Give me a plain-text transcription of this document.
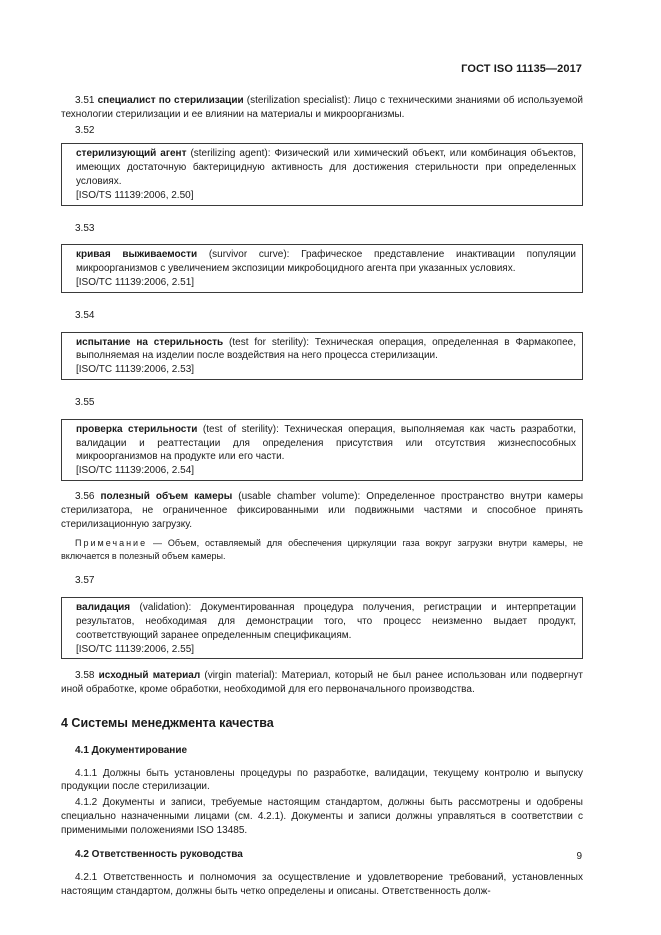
ГОСТ ISO 11135—2017

3.51 специалист по стерилизации (sterilization specialist): Лицо с техническими знаниями об используемой технологии стерилизации и ее влиянии на материалы и микроорганизмы.

3.52

стерилизующий агент (sterilizing agent): Физический или химический объект, или комбинация объектов, имеющих достаточную бактерицидную активность для достижения стерильности при определенных условиях.

[ISO/TS 11139:2006, 2.50]

3.53

кривая выживаемости (survivor curve): Графическое представление инактивации популяции микроорганизмов с увеличением экспозиции микробоцидного агента при указанных условиях.

[ISO/TC 11139:2006, 2.51]

3.54

испытание на стерильность (test for sterility): Техническая операция, определенная в Фармакопее, выполняемая на изделии после воздействия на него процесса стерилизации.

[ISO/TC 11139:2006, 2.53]

3.55

проверка стерильности (test of sterility): Техническая операция, выполняемая как часть разработки, валидации и реаттестации для определения присутствия или отсутствия жизнеспособных микроорганизмов на продукте или его части.

[ISO/TC 11139:2006, 2.54]

3.56 полезный объем камеры (usable chamber volume): Определенное пространство внутри камеры стерилизатора, не ограниченное фиксированными или подвижными частями и способное принять стерилизационную загрузку.

Примечание — Объем, оставляемый для обеспечения циркуляции газа вокруг загрузки внутри камеры, не включается в полезный объем камеры.

3.57

валидация (validation): Документированная процедура получения, регистрации и интерпретации результатов, необходимая для демонстрации того, что процесс неизменно выдает продукт, соответствующий заранее определенным спецификациям.

[ISO/TC 11139:2006, 2.55]

3.58 исходный материал (virgin material): Материал, который не был ранее использован или подвергнут иной обработке, кроме обработки, необходимой для его первоначального производства.

4 Системы менеджмента качества

4.1 Документирование

4.1.1 Должны быть установлены процедуры по разработке, валидации, текущему контролю и выпуску продукции после стерилизации.

4.1.2 Документы и записи, требуемые настоящим стандартом, должны быть рассмотрены и одобрены специально назначенными лицами (см. 4.2.1). Документы и записи должны управляться в соответствии с применимыми положениями ISO 13485.

4.2 Ответственность руководства

4.2.1 Ответственность и полномочия за осуществление и удовлетворение требований, установленных настоящим стандартом, должны быть четко определены и описаны. Ответственность долж-

9
